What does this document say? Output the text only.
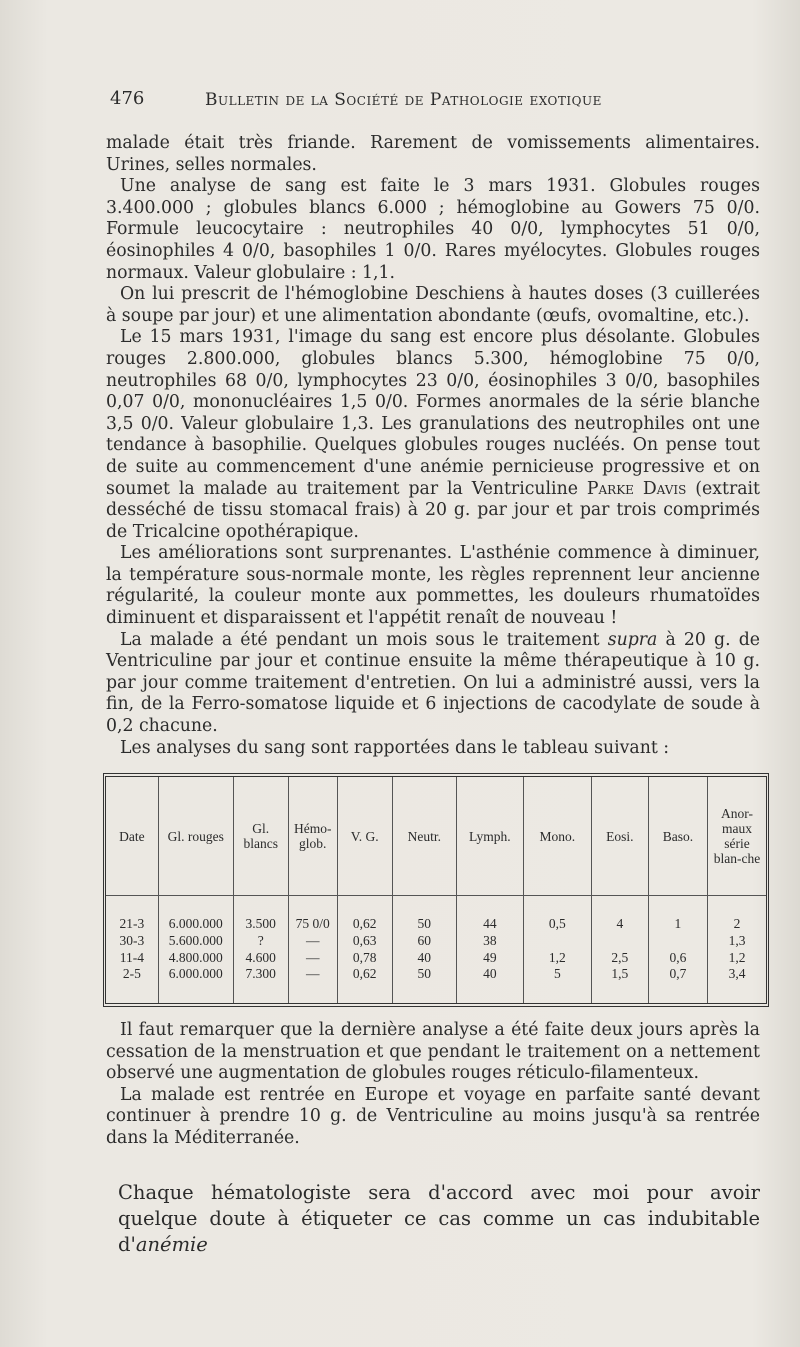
476	Bulletin de la Société de Pathologie exotique

malade était très friande. Rarement de vomissements alimentaires. Urines, selles normales.

Une analyse de sang est faite le 3 mars 1931. Globules rouges 3.400.000 ; globules blancs 6.000 ; hémoglobine au Gowers 75 0/0. Formule leucocytaire : neutrophiles 40 0/0, lymphocytes 51 0/0, éosinophiles 4 0/0, basophiles 1 0/0. Rares myélocytes. Globules rouges normaux. Valeur globulaire : 1,1.

On lui prescrit de l'hémoglobine Deschiens à hautes doses (3 cuillerées à soupe par jour) et une alimentation abondante (œufs, ovomaltine, etc.).

Le 15 mars 1931, l'image du sang est encore plus désolante. Globules rouges 2.800.000, globules blancs 5.300, hémoglobine 75 0/0, neutrophiles 68 0/0, lymphocytes 23 0/0, éosinophiles 3 0/0, basophiles 0,07 0/0, mononucléaires 1,5 0/0. Formes anormales de la série blanche 3,5 0/0. Valeur globulaire 1,3. Les granulations des neutrophiles ont une tendance à basophilie. Quelques globules rouges nucléés. On pense tout de suite au commencement d'une anémie pernicieuse progressive et on soumet la malade au traitement par la Ventriculine Parke Davis (extrait desséché de tissu stomacal frais) à 20 g. par jour et par trois comprimés de Tricalcine opothérapique.

Les améliorations sont surprenantes. L'asthénie commence à diminuer, la température sous-normale monte, les règles reprennent leur ancienne régularité, la couleur monte aux pommettes, les douleurs rhumatoïdes diminuent et disparaissent et l'appétit renaît de nouveau !

La malade a été pendant un mois sous le traitement supra à 20 g. de Ventriculine par jour et continue ensuite la même thérapeutique à 10 g. par jour comme traitement d'entretien. On lui a administré aussi, vers la fin, de la Ferro-somatose liquide et 6 injections de cacodylate de soude à 0,2 chacune.

Les analyses du sang sont rapportées dans le tableau suivant :

Date	Gl. rouges	Gl. blancs	Hémo-glob.	V. G.	Neutr.	Lymph.	Mono.	Eosi.	Baso.	Anor-maux série blan-che
21-3	6.000.000	3.500	75 0/0	0,62	50	44	0,5	4	1	2
30-3	5.600.000	?	—	0,63	60	38				1,3
11-4	4.800.000	4.600	—	0,78	40	49	1,2	2,5	0,6	1,2
2-5	6.000.000	7.300	—	0,62	50	40	5	1,5	0,7	3,4

Il faut remarquer que la dernière analyse a été faite deux jours après la cessation de la menstruation et que pendant le traitement on a nettement observé une augmentation de globules rouges réticulo-filamenteux.

La malade est rentrée en Europe et voyage en parfaite santé devant continuer à prendre 10 g. de Ventriculine au moins jusqu'à sa rentrée dans la Méditerranée.

Chaque hématologiste sera d'accord avec moi pour avoir quelque doute à étiqueter ce cas comme un cas indubitable d'anémie
